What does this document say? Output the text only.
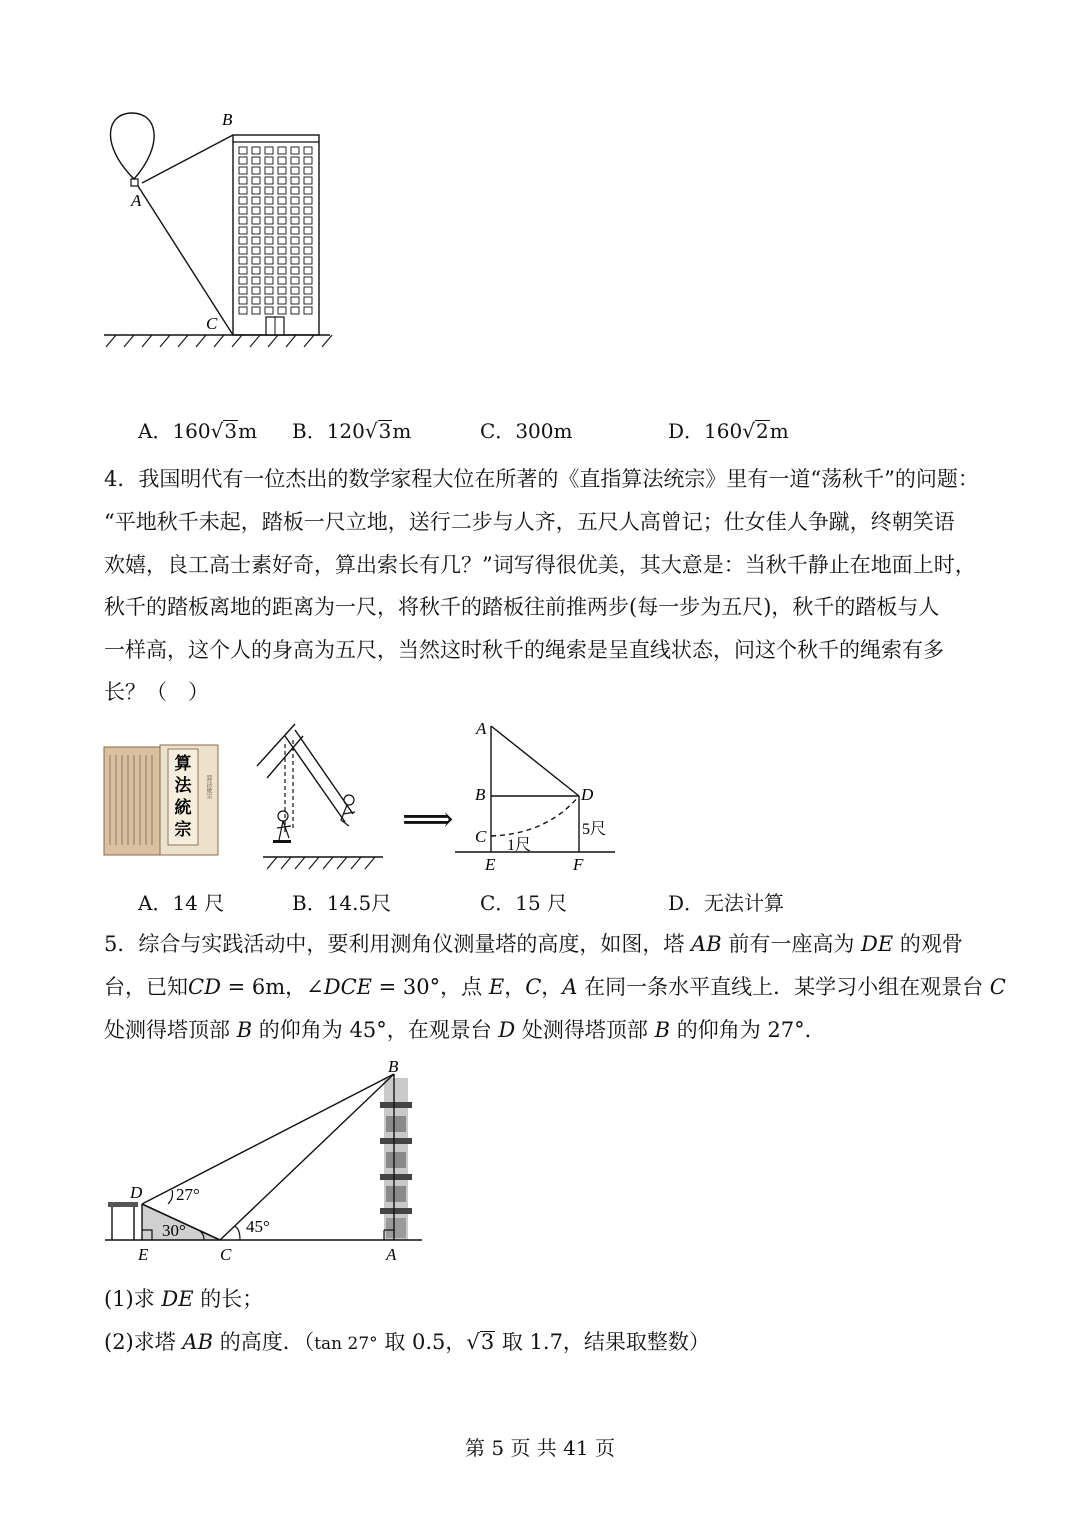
B
A
C
A．160√3m B．120√3m	C．300m	D．160√2m
4．我国明代有一位杰出的数学家程大位在所著的《直指算法统宗》里有一道“荡秋千”的问题：
“平地秋千未起，踏板一尺立地，送行二步与人齐，五尺人高曾记；仕女佳人争蹴，终朝笑语
欢嬉，良工高士素好奇，算出索长有几？”词写得很优美，其大意是：当秋千静止在地面上时，
秋千的踏板离地的距离为一尺，将秋千的踏板往前推两步(每一步为五尺)，秋千的踏板与人
一样高，这个人的身高为五尺，当然这时秋千的绳索是呈直线状态，问这个秋千的绳索有多
长？（　）
算
法
統
宗
算法統宗
⟹
A
B	D
C	5尺
1尺
E	F
A．14 尺	B．14.5尺	C．15 尺	D．无法计算
5．综合与实践活动中，要利用测角仪测量塔的高度，如图，塔 AB 前有一座高为 DE 的观骨
台，已知CD = 6m，∠DCE = 30°，点 E，C，A 在同一条水平直线上．某学习小组在观景台 C
处测得塔顶部 B 的仰角为 45°，在观景台 D 处测得塔顶部 B 的仰角为 27°．
B
D 27°
30°	45°
E	C	A
(1)求 DE 的长；
(2)求塔 AB 的高度．（tan 27° 取 0.5，√3 取 1.7，结果取整数）
第 5 页 共 41 页
